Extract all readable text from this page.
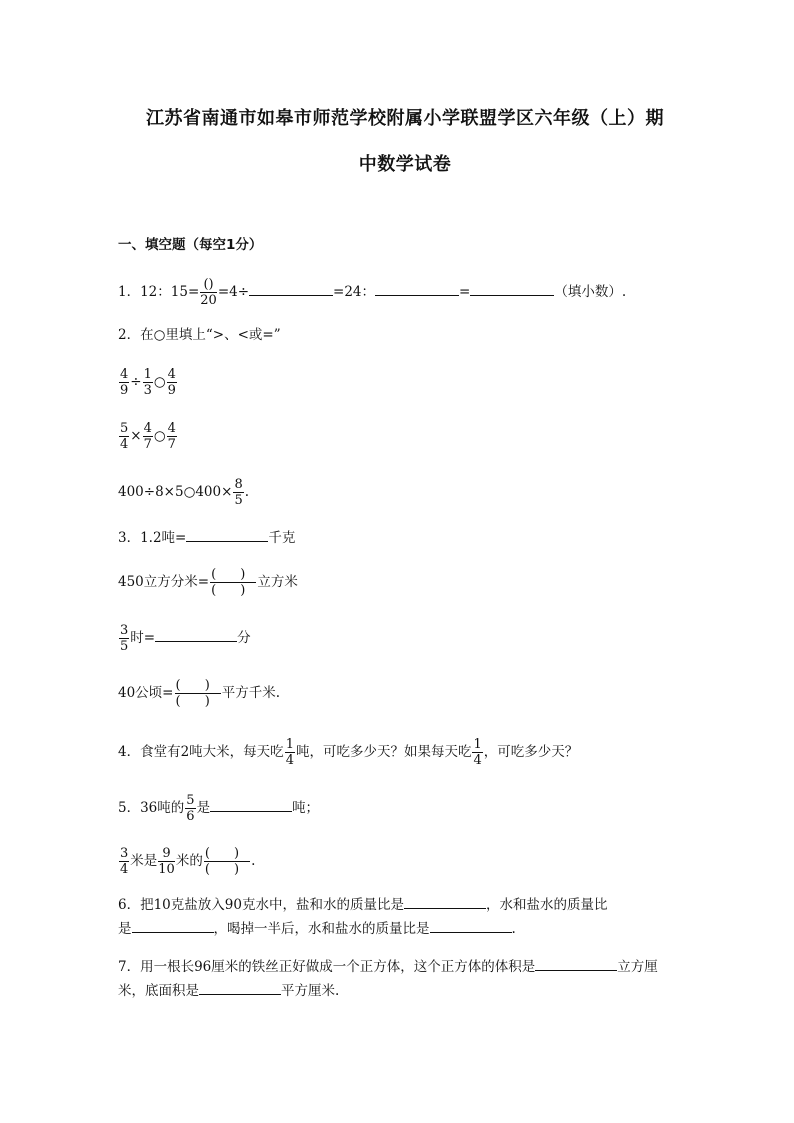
江苏省南通市如皋市师范学校附属小学联盟学区六年级（上）期
中数学试卷
一、填空题（每空1分）
1．12：$15= \frac{()}{20} =4\div$	=24：	=	（填小数）.
2．在○里填上“>、<或=”
$\frac{4}{9} \div \frac{1}{3}$ ○ $\frac{4}{9}$
$\frac{5}{4} \times \frac{4}{7}$ ○ $\frac{4}{7}$
400÷8×5○400× $\frac{8}{5}$ .
3．1.2吨=	千克
450立方分米= $\frac{( )}{( )}$ 立方米
$\frac{3}{5}$ 时=	分
40公顷= $\frac{( )}{( )}$ 平方千米.
4．食堂有2吨大米，每天吃 $\frac{1}{4}$ 吨，可吃多少天？如果每天吃 $\frac{1}{4}$ ，可吃多少天？
5．36吨的 $\frac{5}{6}$ 是	吨；
$\frac{3}{4}$ 米是 $\frac{9}{10}$ 米的 $\frac{( )}{( )}$ .
6．把10克盐放入90克水中，盐和水的质量比是	，水和盐水的质量比
是	，喝掉一半后，水和盐水的质量比是	.
7．用一根长96厘米的铁丝正好做成一个正方体，这个正方体的体积是	立方厘
米，底面积是	平方厘米.
